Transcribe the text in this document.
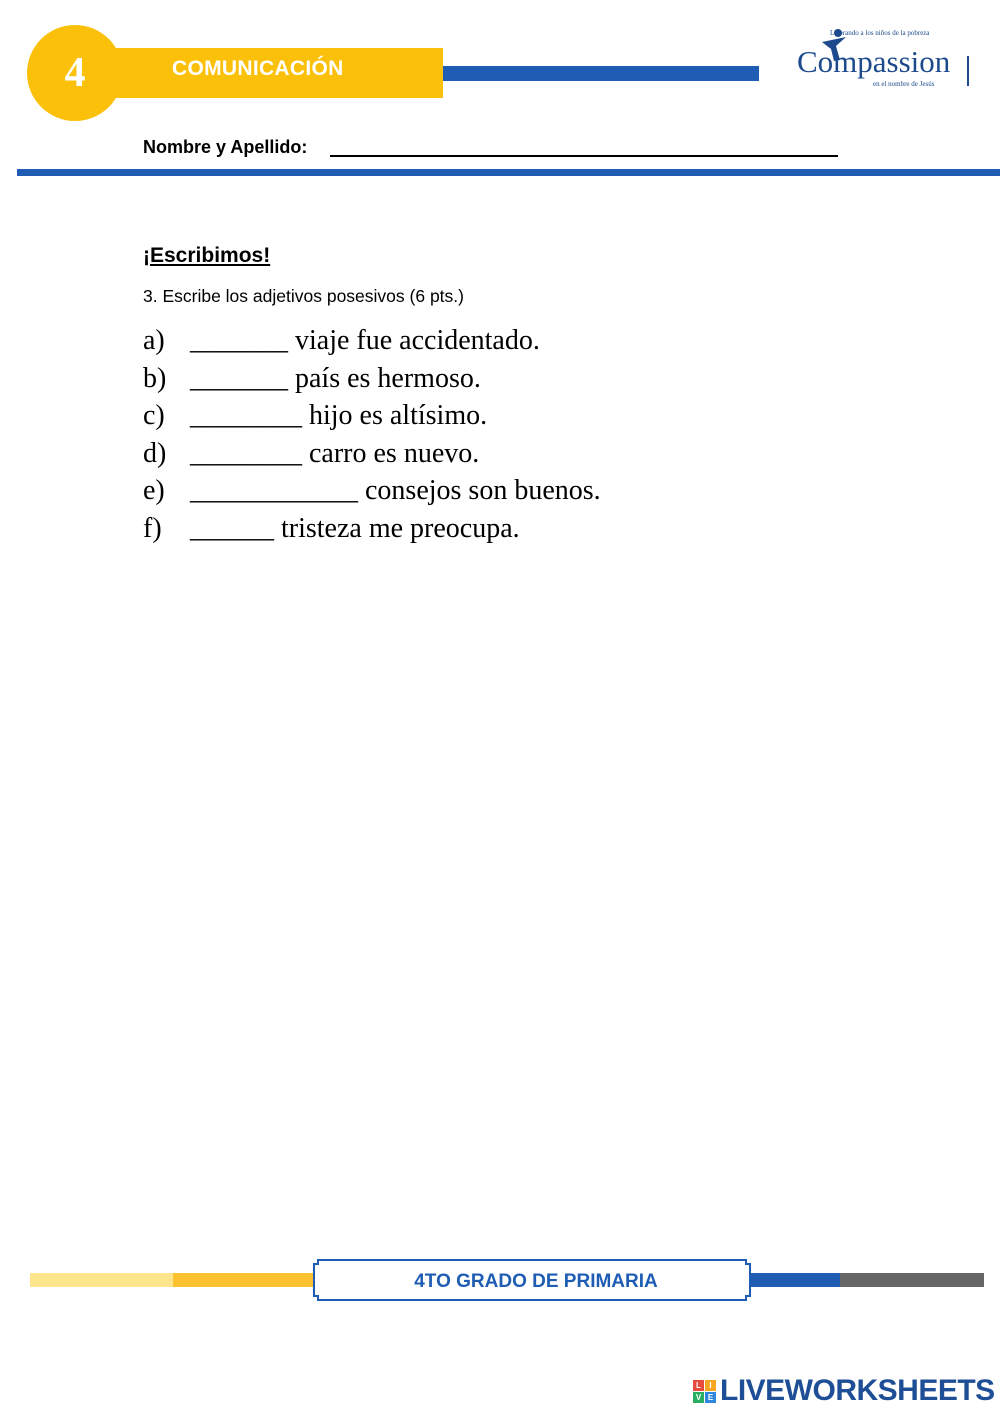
4	COMUNICACIÓN
Liberando a los niños de la pobreza
Compassion
en el nombre de Jesús
Nombre y Apellido:
¡Escribimos!
3. Escribe los adjetivos posesivos (6 pts.)
a) _______ viaje fue accidentado.
b) _______ país es hermoso.
c) ________ hijo es altísimo.
d) ________ carro es nuevo.
e) ____________ consejos son buenos.
f) ______ tristeza me preocupa.
4TO GRADO DE PRIMARIA
L	I
V E LIVEWORKSHEETS
